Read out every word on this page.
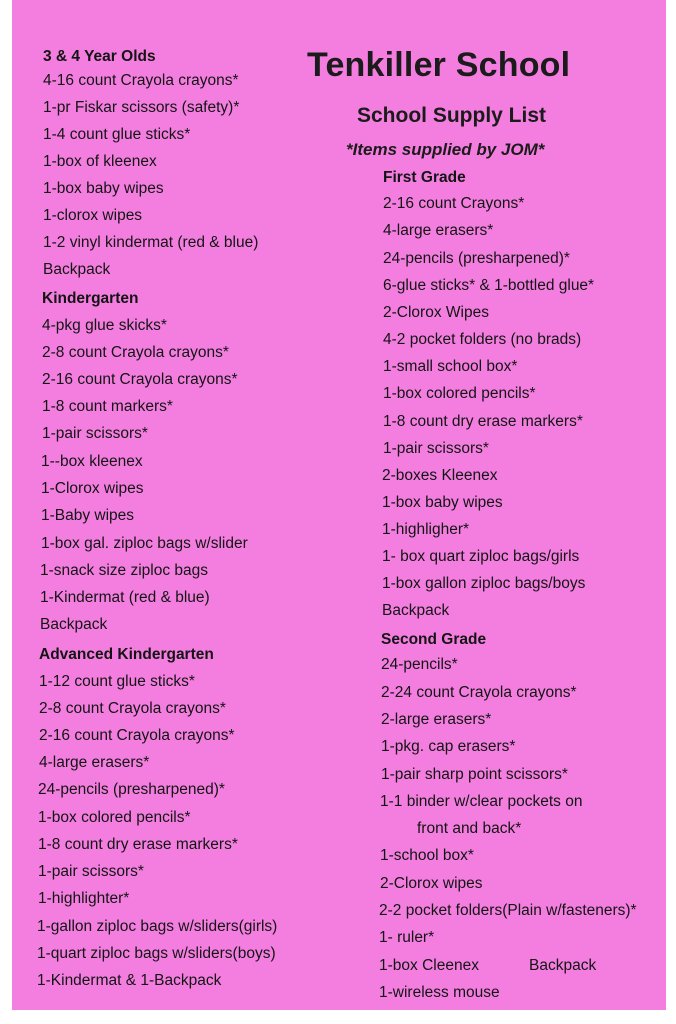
Tenkiller School
School Supply List
*Items supplied by JOM*
3 & 4 Year Olds
4-16 count Crayola crayons*
1-pr Fiskar scissors (safety)*
1-4 count glue sticks*
1-box of kleenex
1-box baby wipes
1-clorox wipes
1-2 vinyl kindermat (red & blue)
Backpack
Kindergarten
4-pkg glue skicks*
2-8 count Crayola crayons*
2-16 count Crayola crayons*
1-8 count markers*
1-pair scissors*
1--box kleenex
1-Clorox wipes
1-Baby wipes
1-box gal. ziploc bags w/slider
1-snack size ziploc bags
1-Kindermat (red & blue)
Backpack
Advanced Kindergarten
1-12 count glue sticks*
2-8 count Crayola crayons*
2-16 count Crayola crayons*
4-large erasers*
24-pencils (presharpened)*
1-box colored pencils*
1-8 count dry erase markers*
1-pair scissors*
1-highlighter*
1-gallon ziploc bags w/sliders(girls)
1-quart ziploc bags w/sliders(boys)
1-Kindermat & 1-Backpack
First Grade
2-16 count Crayons*
4-large erasers*
24-pencils (presharpened)*
6-glue sticks* & 1-bottled glue*
2-Clorox Wipes
4-2 pocket folders (no brads)
1-small school box*
1-box colored pencils*
1-8 count dry erase markers*
1-pair scissors*
2-boxes Kleenex
1-box baby wipes
1-highligher*
1- box quart ziploc bags/girls
1-box gallon ziploc bags/boys
Backpack
Second Grade
24-pencils*
2-24 count Crayola crayons*
2-large erasers*
1-pkg. cap erasers*
1-pair sharp point scissors*
1-1 binder w/clear pockets on
front and back*
1-school box*
2-Clorox wipes
2-2 pocket folders(Plain w/fasteners)*
1- ruler*
1-box Cleenex	Backpack
1-wireless mouse
